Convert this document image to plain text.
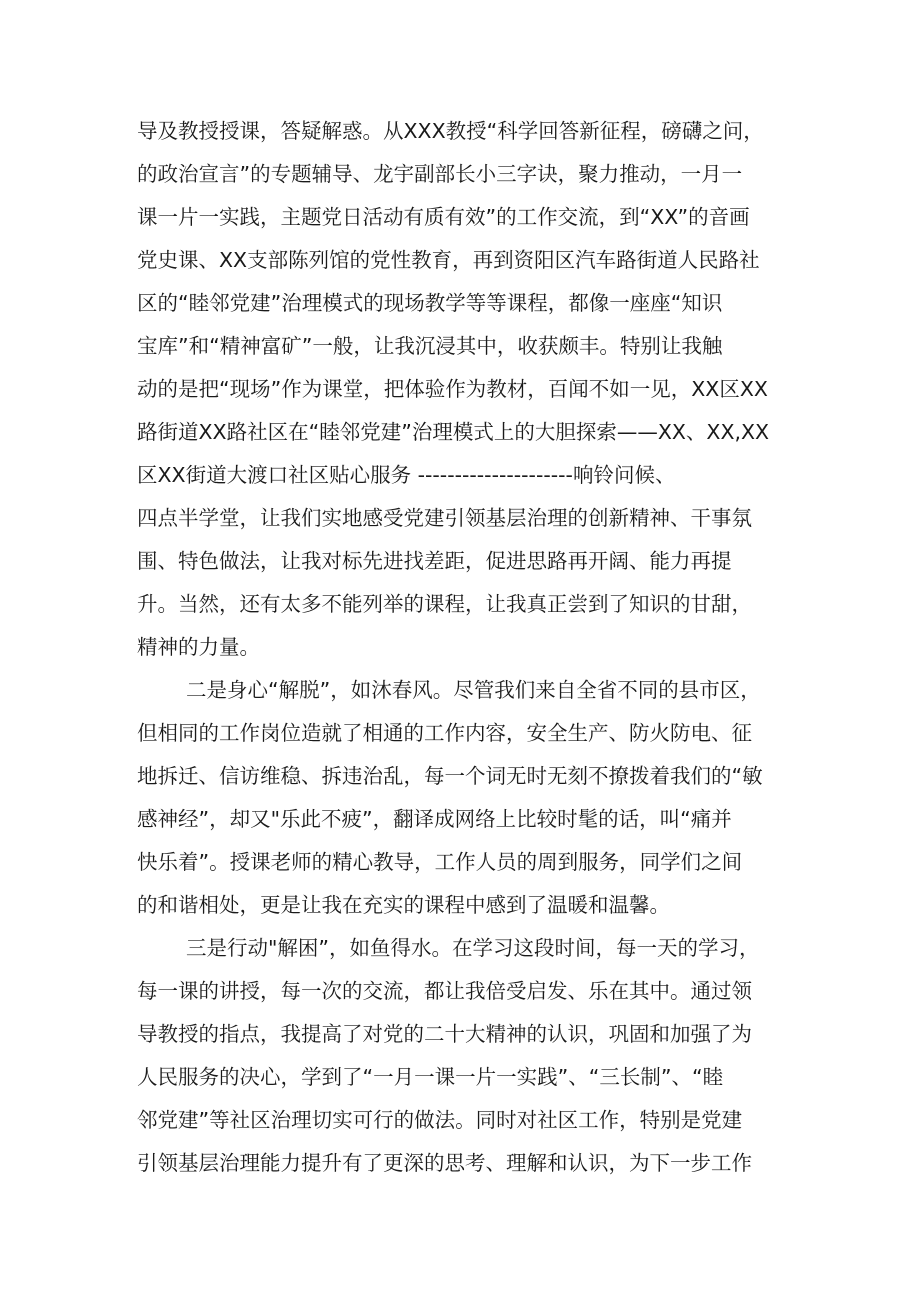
导及教授授课，答疑解惑。从XXX教授“科学回答新征程，磅礴之问，
的政治宣言”的专题辅导、龙宇副部长小三字诀，聚力推动，一月一
课一片一实践，主题党日活动有质有效”的工作交流，到“XX”的音画
党史课、XX支部陈列馆的党性教育，再到资阳区汽车路街道人民路社
区的“睦邻党建”治理模式的现场教学等等课程，都像一座座“知识
宝库”和“精神富矿”一般，让我沉浸其中，收获颇丰。特别让我触
动的是把“现场”作为课堂，把体验作为教材，百闻不如一见，XX区XX
路街道XX路社区在“睦邻党建”治理模式上的大胆探索——XX、XX,XX
区XX街道大渡口社区贴心服务 ---------------------响铃问候、
四点半学堂，让我们实地感受党建引领基层治理的创新精神、干事氛
围、特色做法，让我对标先进找差距，促进思路再开阔、能力再提
升。当然，还有太多不能列举的课程，让我真正尝到了知识的甘甜，
精神的力量。
二是身心“解脱”，如沐春风。尽管我们来自全省不同的县市区，
但相同的工作岗位造就了相通的工作内容，安全生产、防火防电、征
地拆迁、信访维稳、拆违治乱，每一个词无时无刻不撩拨着我们的“敏
感神经”，却又"乐此不疲”，翻译成网络上比较时髦的话，叫“痛并
快乐着”。授课老师的精心教导，工作人员的周到服务，同学们之间
的和谐相处，更是让我在充实的课程中感到了温暖和温馨。
三是行动"解困”，如鱼得水。在学习这段时间，每一天的学习，
每一课的讲授，每一次的交流，都让我倍受启发、乐在其中。通过领
导教授的指点，我提高了对党的二十大精神的认识，巩固和加强了为
人民服务的决心，学到了“一月一课一片一实践”、“三长制”、“睦
邻党建”等社区治理切实可行的做法。同时对社区工作，特别是党建
引领基层治理能力提升有了更深的思考、理解和认识，为下一步工作
